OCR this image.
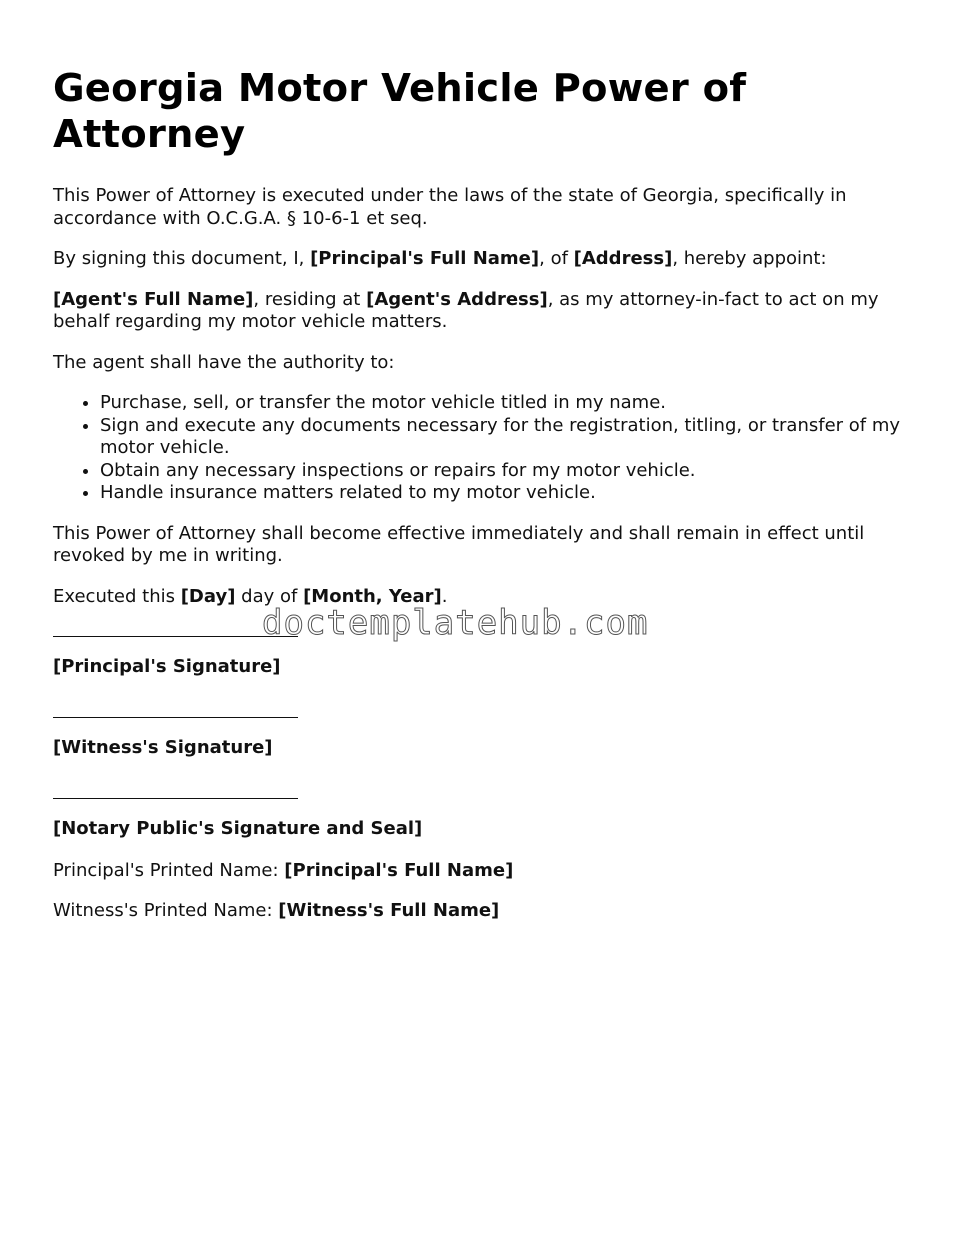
Georgia Motor Vehicle Power of Attorney

This Power of Attorney is executed under the laws of the state of Georgia, specifically in accordance with O.C.G.A. § 10-6-1 et seq.

By signing this document, I, [Principal's Full Name], of [Address], hereby appoint:

[Agent's Full Name], residing at [Agent's Address], as my attorney-in-fact to act on my behalf regarding my motor vehicle matters.

The agent shall have the authority to:

• Purchase, sell, or transfer the motor vehicle titled in my name.
• Sign and execute any documents necessary for the registration, titling, or transfer of my motor vehicle.
• Obtain any necessary inspections or repairs for my motor vehicle.
• Handle insurance matters related to my motor vehicle.

This Power of Attorney shall become effective immediately and shall remain in effect until revoked by me in writing.

Executed this [Day] day of [Month, Year].

[Principal's Signature]

[Witness's Signature]

[Notary Public's Signature and Seal]

Principal's Printed Name: [Principal's Full Name]

Witness's Printed Name: [Witness's Full Name]

doctemplatehub.com
